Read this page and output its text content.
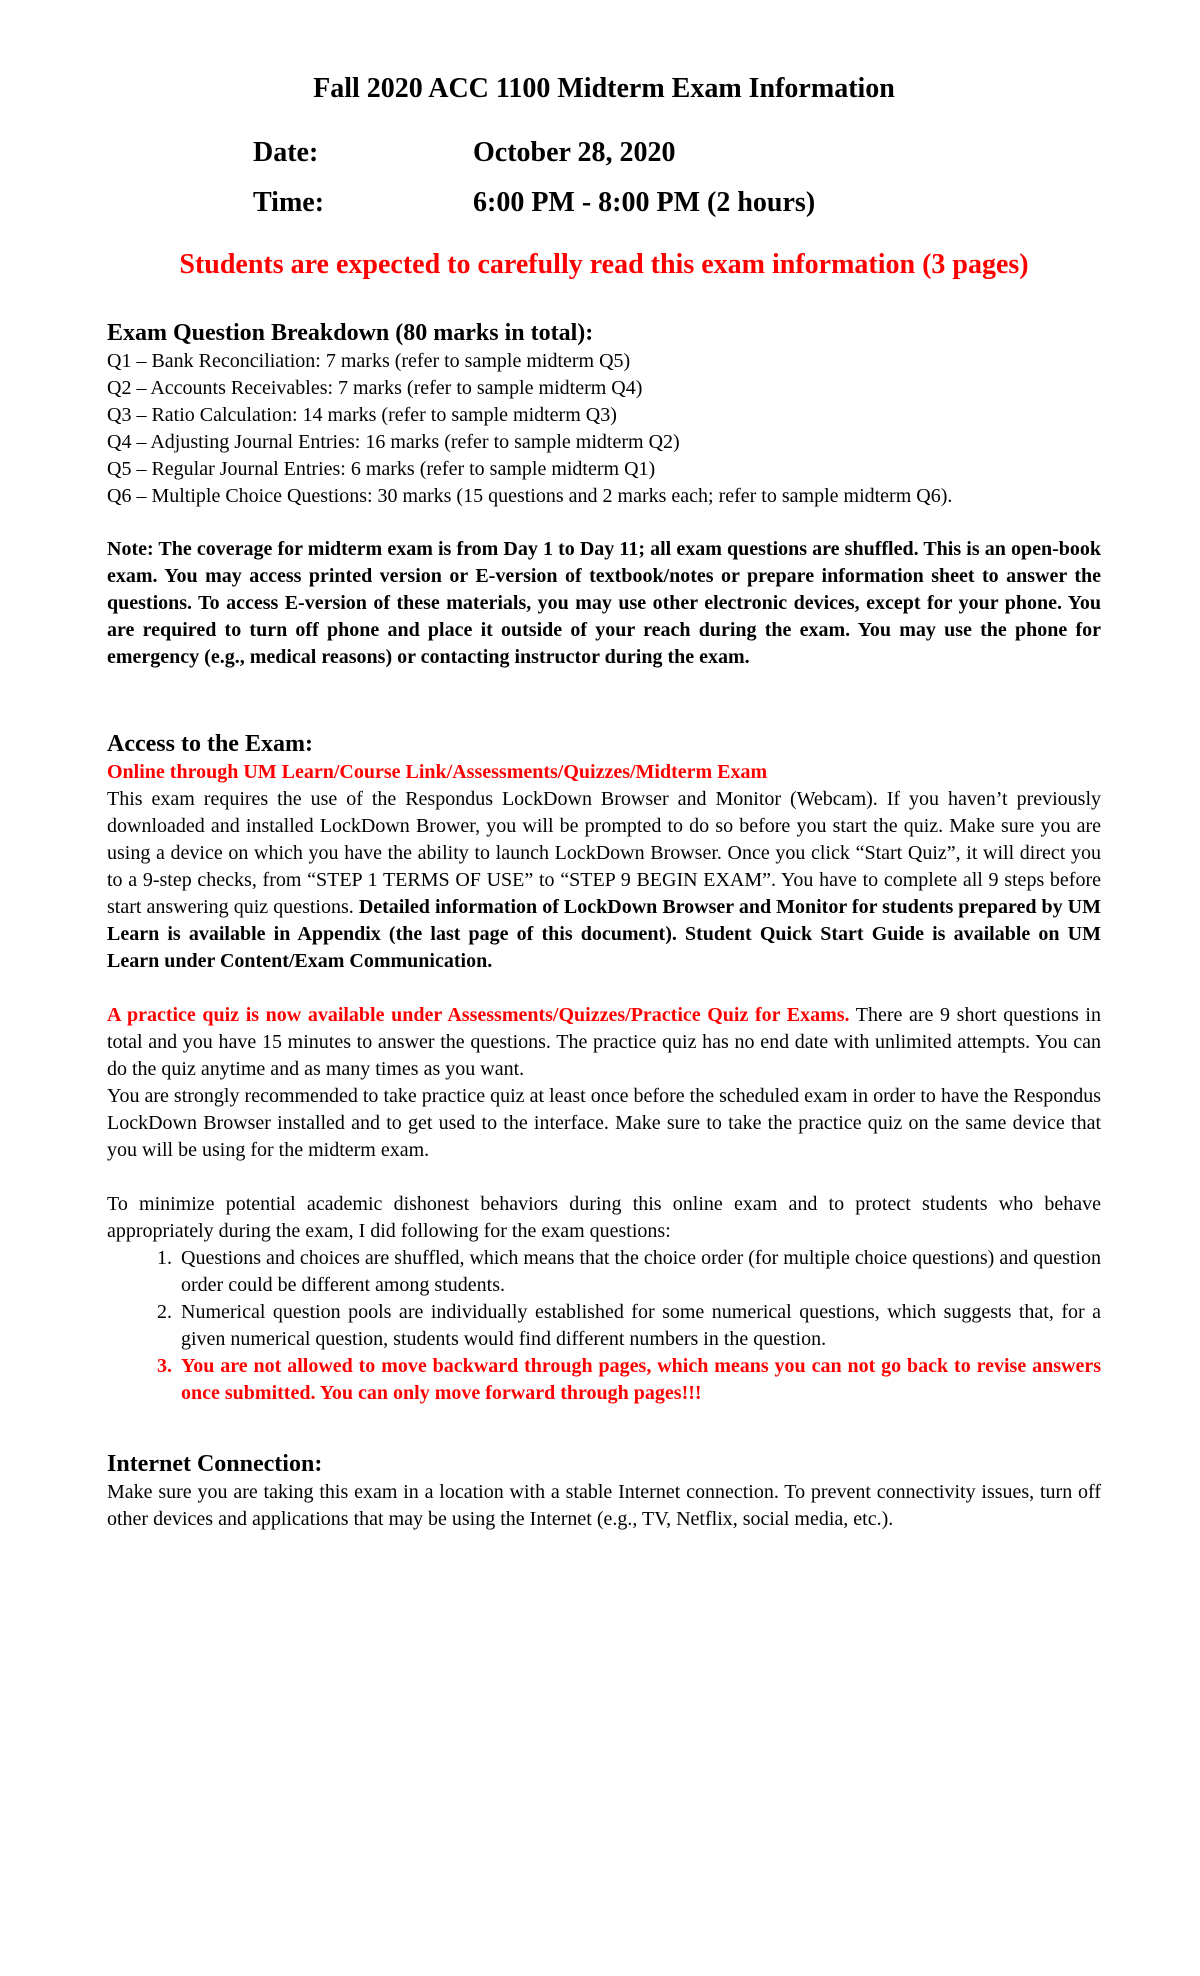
Fall 2020 ACC 1100 Midterm Exam Information
Date:	October 28, 2020
Time:	6:00 PM - 8:00 PM (2 hours)

Students are expected to carefully read this exam information (3 pages)

Exam Question Breakdown (80 marks in total):
Q1 – Bank Reconciliation: 7 marks (refer to sample midterm Q5)
Q2 – Accounts Receivables: 7 marks (refer to sample midterm Q4)
Q3 – Ratio Calculation: 14 marks (refer to sample midterm Q3)
Q4 – Adjusting Journal Entries: 16 marks (refer to sample midterm Q2)
Q5 – Regular Journal Entries: 6 marks (refer to sample midterm Q1)
Q6 – Multiple Choice Questions: 30 marks (15 questions and 2 marks each; refer to sample midterm Q6).

Note: The coverage for midterm exam is from Day 1 to Day 11; all exam questions are shuffled. This is an open-book exam. You may access printed version or E-version of textbook/notes or prepare information sheet to answer the questions. To access E-version of these materials, you may use other electronic devices, except for your phone. You are required to turn off phone and place it outside of your reach during the exam. You may use the phone for emergency (e.g., medical reasons) or contacting instructor during the exam.

Access to the Exam:

Online through UM Learn/Course Link/Assessments/Quizzes/Midterm Exam

This exam requires the use of the Respondus LockDown Browser and Monitor (Webcam). If you haven’t previously downloaded and installed LockDown Brower, you will be prompted to do so before you start the quiz. Make sure you are using a device on which you have the ability to launch LockDown Browser. Once you click “Start Quiz”, it will direct you to a 9-step checks, from “STEP 1 TERMS OF USE” to “STEP 9 BEGIN EXAM”. You have to complete all 9 steps before start answering quiz questions. Detailed information of LockDown Browser and Monitor for students prepared by UM Learn is available in Appendix (the last page of this document). Student Quick Start Guide is available on UM Learn under Content/Exam Communication.

A practice quiz is now available under Assessments/Quizzes/Practice Quiz for Exams. There are 9 short questions in total and you have 15 minutes to answer the questions. The practice quiz has no end date with unlimited attempts. You can do the quiz anytime and as many times as you want.

You are strongly recommended to take practice quiz at least once before the scheduled exam in order to have the Respondus LockDown Browser installed and to get used to the interface. Make sure to take the practice quiz on the same device that you will be using for the midterm exam.

To minimize potential academic dishonest behaviors during this online exam and to protect students who behave appropriately during the exam, I did following for the exam questions:

1. Questions and choices are shuffled, which means that the choice order (for multiple choice questions) and question order could be different among students.
2. Numerical question pools are individually established for some numerical questions, which suggests that, for a given numerical question, students would find different numbers in the question.
3. You are not allowed to move backward through pages, which means you can not go back to revise answers once submitted. You can only move forward through pages!!!
Internet Connection:

Make sure you are taking this exam in a location with a stable Internet connection. To prevent connectivity issues, turn off other devices and applications that may be using the Internet (e.g., TV, Netflix, social media, etc.).
